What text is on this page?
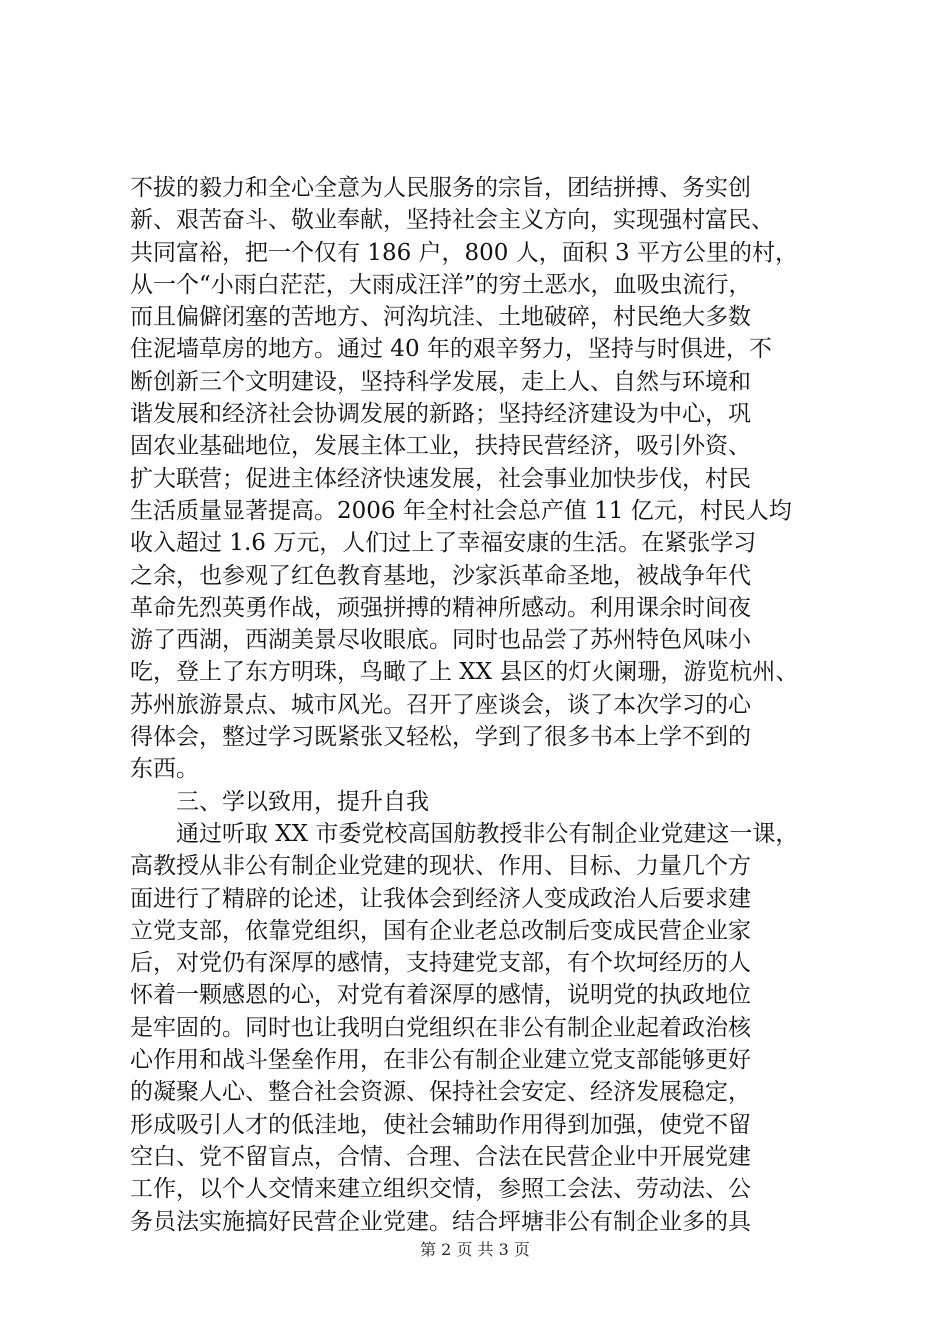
不拔的毅力和全心全意为人民服务的宗旨，团结拼搏、务实创
新、艰苦奋斗、敬业奉献，坚持社会主义方向，实现强村富民、
共同富裕，把一个仅有 186 户，800 人，面积 3 平方公里的村，
从一个“小雨白茫茫，大雨成汪洋”的穷土恶水，血吸虫流行，
而且偏僻闭塞的苦地方、河沟坑洼、土地破碎，村民绝大多数
住泥墙草房的地方。通过 40 年的艰辛努力，坚持与时俱进，不
断创新三个文明建设，坚持科学发展，走上人、自然与环境和
谐发展和经济社会协调发展的新路；坚持经济建设为中心，巩
固农业基础地位，发展主体工业，扶持民营经济，吸引外资、
扩大联营；促进主体经济快速发展，社会事业加快步伐，村民
生活质量显著提高。2006 年全村社会总产值 11 亿元，村民人均
收入超过 1.6 万元，人们过上了幸福安康的生活。在紧张学习
之余，也参观了红色教育基地，沙家浜革命圣地，被战争年代
革命先烈英勇作战，顽强拼搏的精神所感动。利用课余时间夜
游了西湖，西湖美景尽收眼底。同时也品尝了苏州特色风味小
吃，登上了东方明珠，鸟瞰了上 XX 县区的灯火阑珊，游览杭州、
苏州旅游景点、城市风光。召开了座谈会，谈了本次学习的心
得体会，整过学习既紧张又轻松，学到了很多书本上学不到的
东西。
三、学以致用，提升自我
通过听取 XX 市委党校高国舫教授非公有制企业党建这一课，
高教授从非公有制企业党建的现状、作用、目标、力量几个方
面进行了精辟的论述，让我体会到经济人变成政治人后要求建
立党支部，依靠党组织，国有企业老总改制后变成民营企业家
后，对党仍有深厚的感情，支持建党支部，有个坎坷经历的人
怀着一颗感恩的心，对党有着深厚的感情，说明党的执政地位
是牢固的。同时也让我明白党组织在非公有制企业起着政治核
心作用和战斗堡垒作用，在非公有制企业建立党支部能够更好
的凝聚人心、整合社会资源、保持社会安定、经济发展稳定，
形成吸引人才的低洼地，使社会辅助作用得到加强，使党不留
空白、党不留盲点，合情、合理、合法在民营企业中开展党建
工作，以个人交情来建立组织交情，参照工会法、劳动法、公
务员法实施搞好民营企业党建。结合坪塘非公有制企业多的具
第 2 页 共 3 页
